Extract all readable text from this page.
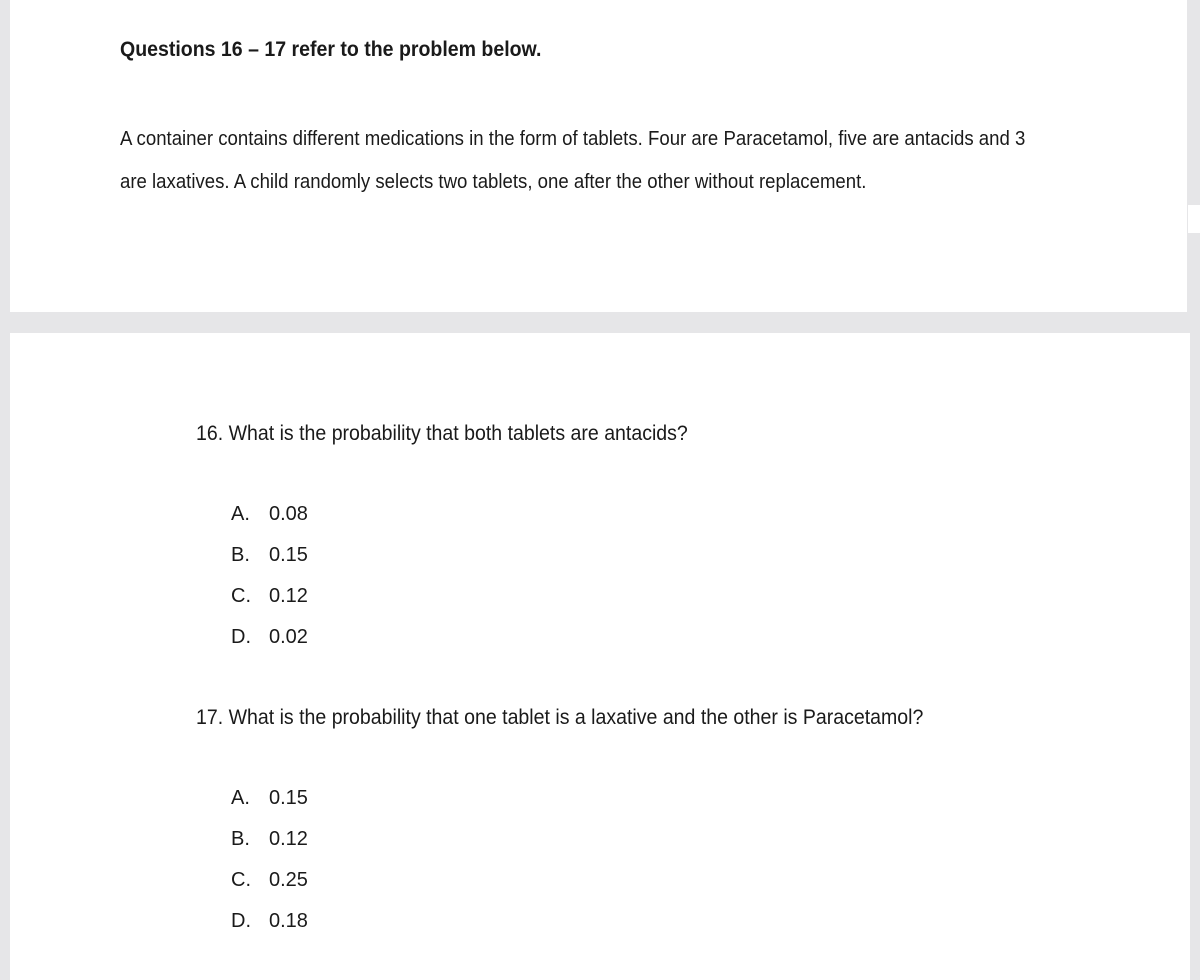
Questions 16 – 17 refer to the problem below.
A container contains different medications in the form of tablets. Four are Paracetamol, five are antacids and 3
are laxatives. A child randomly selects two tablets, one after the other without replacement.
16. What is the probability that both tablets are antacids?
A. 0.08
B. 0.15
C. 0.12
D. 0.02
17. What is the probability that one tablet is a laxative and the other is Paracetamol?
A. 0.15
B. 0.12
C. 0.25
D. 0.18
